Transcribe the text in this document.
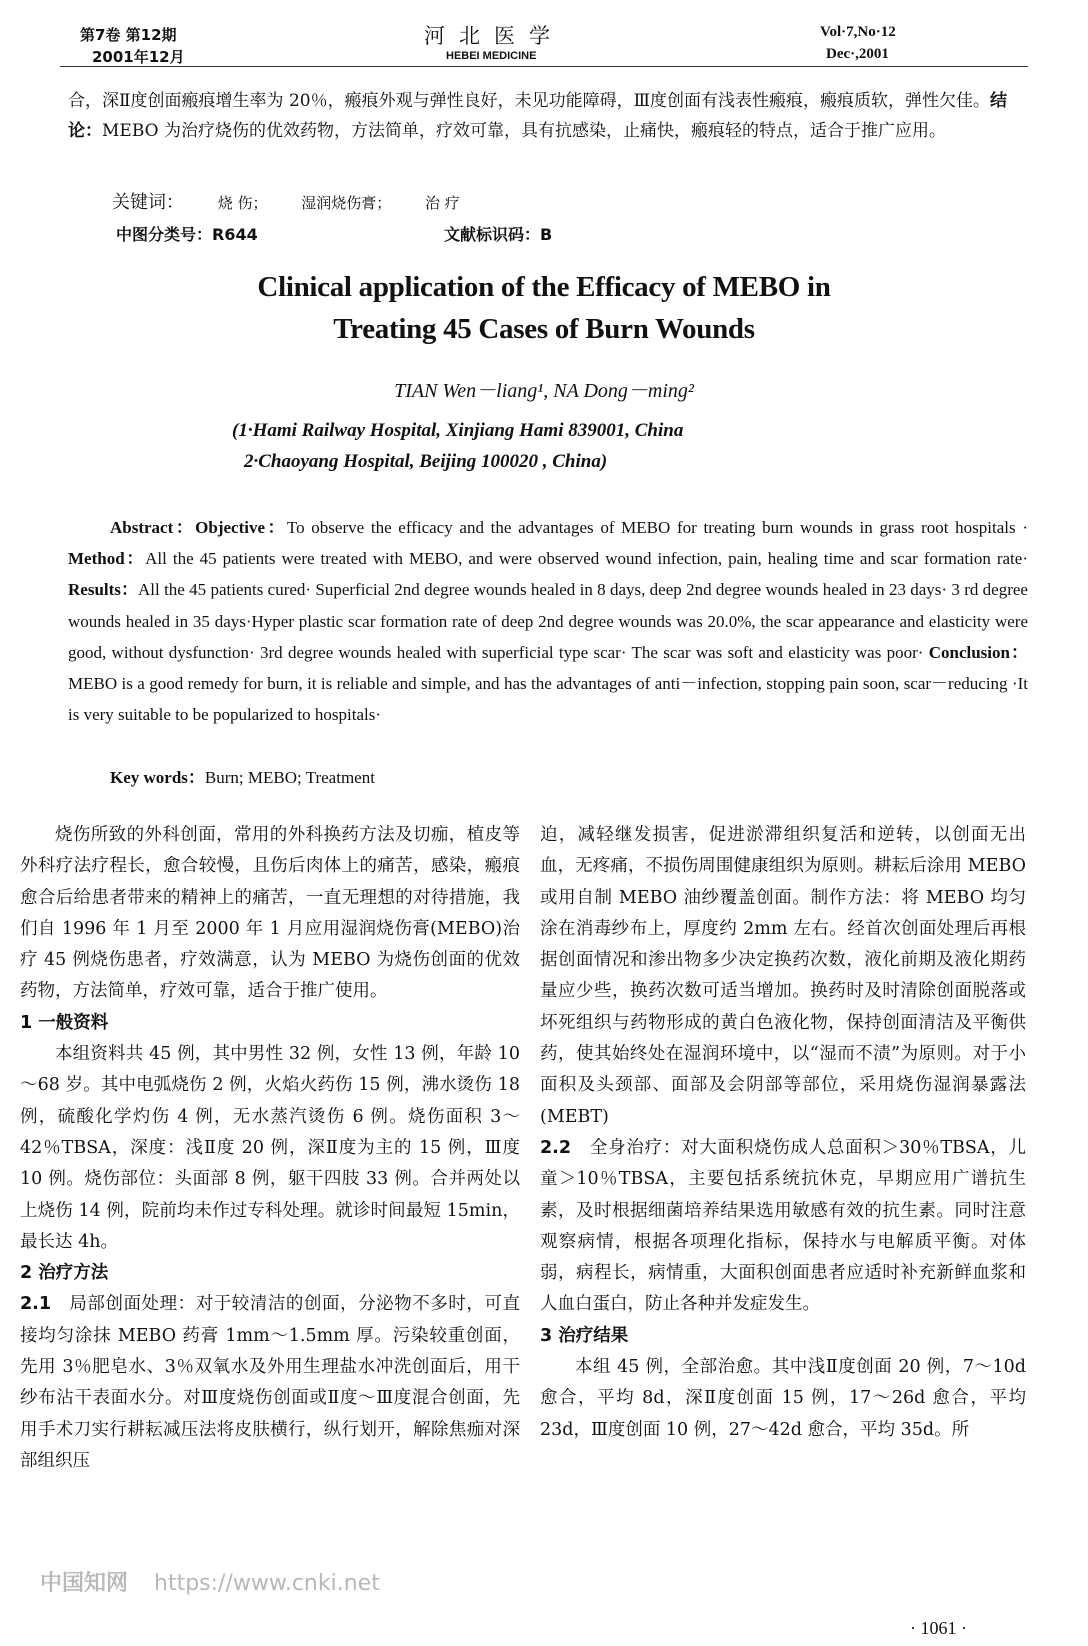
第7卷 第12期
2001年12月
河北医学
HEBEI MEDICINE
Vol·7,No·12
Dec·,2001
合，深Ⅱ度创面瘢痕增生率为 20％，瘢痕外观与弹性良好，未见功能障碍，Ⅲ度创面有浅表性瘢痕，瘢痕质软，弹性欠佳。结论：MEBO 为治疗烧伤的优效药物，方法简单，疗效可靠，具有抗感染，止痛快，瘢痕轻的特点，适合于推广应用。
关键词： 烧 伤； 湿润烧伤膏； 治 疗
中图分类号：R644	文献标识码：B
Clinical application of the Efficacy of MEBO in
Treating 45 Cases of Burn Wounds
TIAN Wen－liang¹, NA Dong－ming²
(1·Hami Railway Hospital, Xinjiang Hami 839001, China
2·Chaoyang Hospital, Beijing 100020 , China)
Abstract：Objective：To observe the efficacy and the advantages of MEBO for treating burn wounds in grass root hospitals · Method：All the 45 patients were treated with MEBO, and were observed wound infection, pain, healing time and scar formation rate· Results：All the 45 patients cured· Superficial 2nd degree wounds healed in 8 days, deep 2nd degree wounds healed in 23 days· 3 rd degree wounds healed in 35 days·Hyper plastic scar formation rate of deep 2nd degree wounds was 20.0%, the scar appearance and elasticity were good, without dysfunction· 3rd degree wounds healed with superficial type scar· The scar was soft and elasticity was poor· Conclusion：MEBO is a good remedy for burn, it is reliable and simple, and has the advantages of anti－infection, stopping pain soon, scar－reducing ·It is very suitable to be popularized to hospitals·
Key words：Burn; MEBO; Treatment

烧伤所致的外科创面，常用的外科换药方法及切痂，植皮等外科疗法疗程长，愈合较慢，且伤后肉体上的痛苦，感染，瘢痕愈合后给患者带来的精神上的痛苦，一直无理想的对待措施，我们自 1996 年 1 月至 2000 年 1 月应用湿润烧伤膏(MEBO)治疗 45 例烧伤患者，疗效满意，认为 MEBO 为烧伤创面的优效药物，方法简单，疗效可靠，适合于推广使用。

1 一般资料

本组资料共 45 例，其中男性 32 例，女性 13 例，年龄 10～68 岁。其中电弧烧伤 2 例，火焰火药伤 15 例，沸水烫伤 18 例，硫酸化学灼伤 4 例，无水蒸汽烫伤 6 例。烧伤面积 3～42％TBSA，深度：浅Ⅱ度 20 例，深Ⅱ度为主的 15 例，Ⅲ度 10 例。烧伤部位：头面部 8 例，躯干四肢 33 例。合并两处以上烧伤 14 例，院前均未作过专科处理。就诊时间最短 15min，最长达 4h。

2 治疗方法

2.1 局部创面处理：对于较清洁的创面，分泌物不多时，可直接均匀涂抹 MEBO 药膏 1mm～1.5mm 厚。污染较重创面，先用 3％肥皂水、3％双氧水及外用生理盐水冲洗创面后，用干纱布沾干表面水分。对Ⅲ度烧伤创面或Ⅱ度～Ⅲ度混合创面，先用手术刀实行耕耘减压法将皮肤横行，纵行划开，解除焦痂对深部组织压

迫，减轻继发损害，促进淤滞组织复活和逆转，以创面无出血，无疼痛，不损伤周围健康组织为原则。耕耘后涂用 MEBO 或用自制 MEBO 油纱覆盖创面。制作方法：将 MEBO 均匀涂在消毒纱布上，厚度约 2mm 左右。经首次创面处理后再根据创面情况和渗出物多少决定换药次数，液化前期及液化期药量应少些，换药次数可适当增加。换药时及时清除创面脱落或坏死组织与药物形成的黄白色液化物，保持创面清洁及平衡供药，使其始终处在湿润环境中，以“湿而不渍”为原则。对于小面积及头颈部、面部及会阴部等部位，采用烧伤湿润暴露法(MEBT)

2.2 全身治疗：对大面积烧伤成人总面积＞30％TBSA，儿童＞10％TBSA，主要包括系统抗休克，早期应用广谱抗生素，及时根据细菌培养结果选用敏感有效的抗生素。同时注意观察病情，根据各项理化指标，保持水与电解质平衡。对体弱，病程长，病情重，大面积创面患者应适时补充新鲜血浆和人血白蛋白，防止各种并发症发生。

3 治疗结果

本组 45 例，全部治愈。其中浅Ⅱ度创面 20 例，7～10d 愈合，平均 8d，深Ⅱ度创面 15 例，17～26d 愈合，平均 23d，Ⅲ度创面 10 例，27～42d 愈合，平均 35d。所

中国知网 https://www.cnki.net
· 1061 ·
